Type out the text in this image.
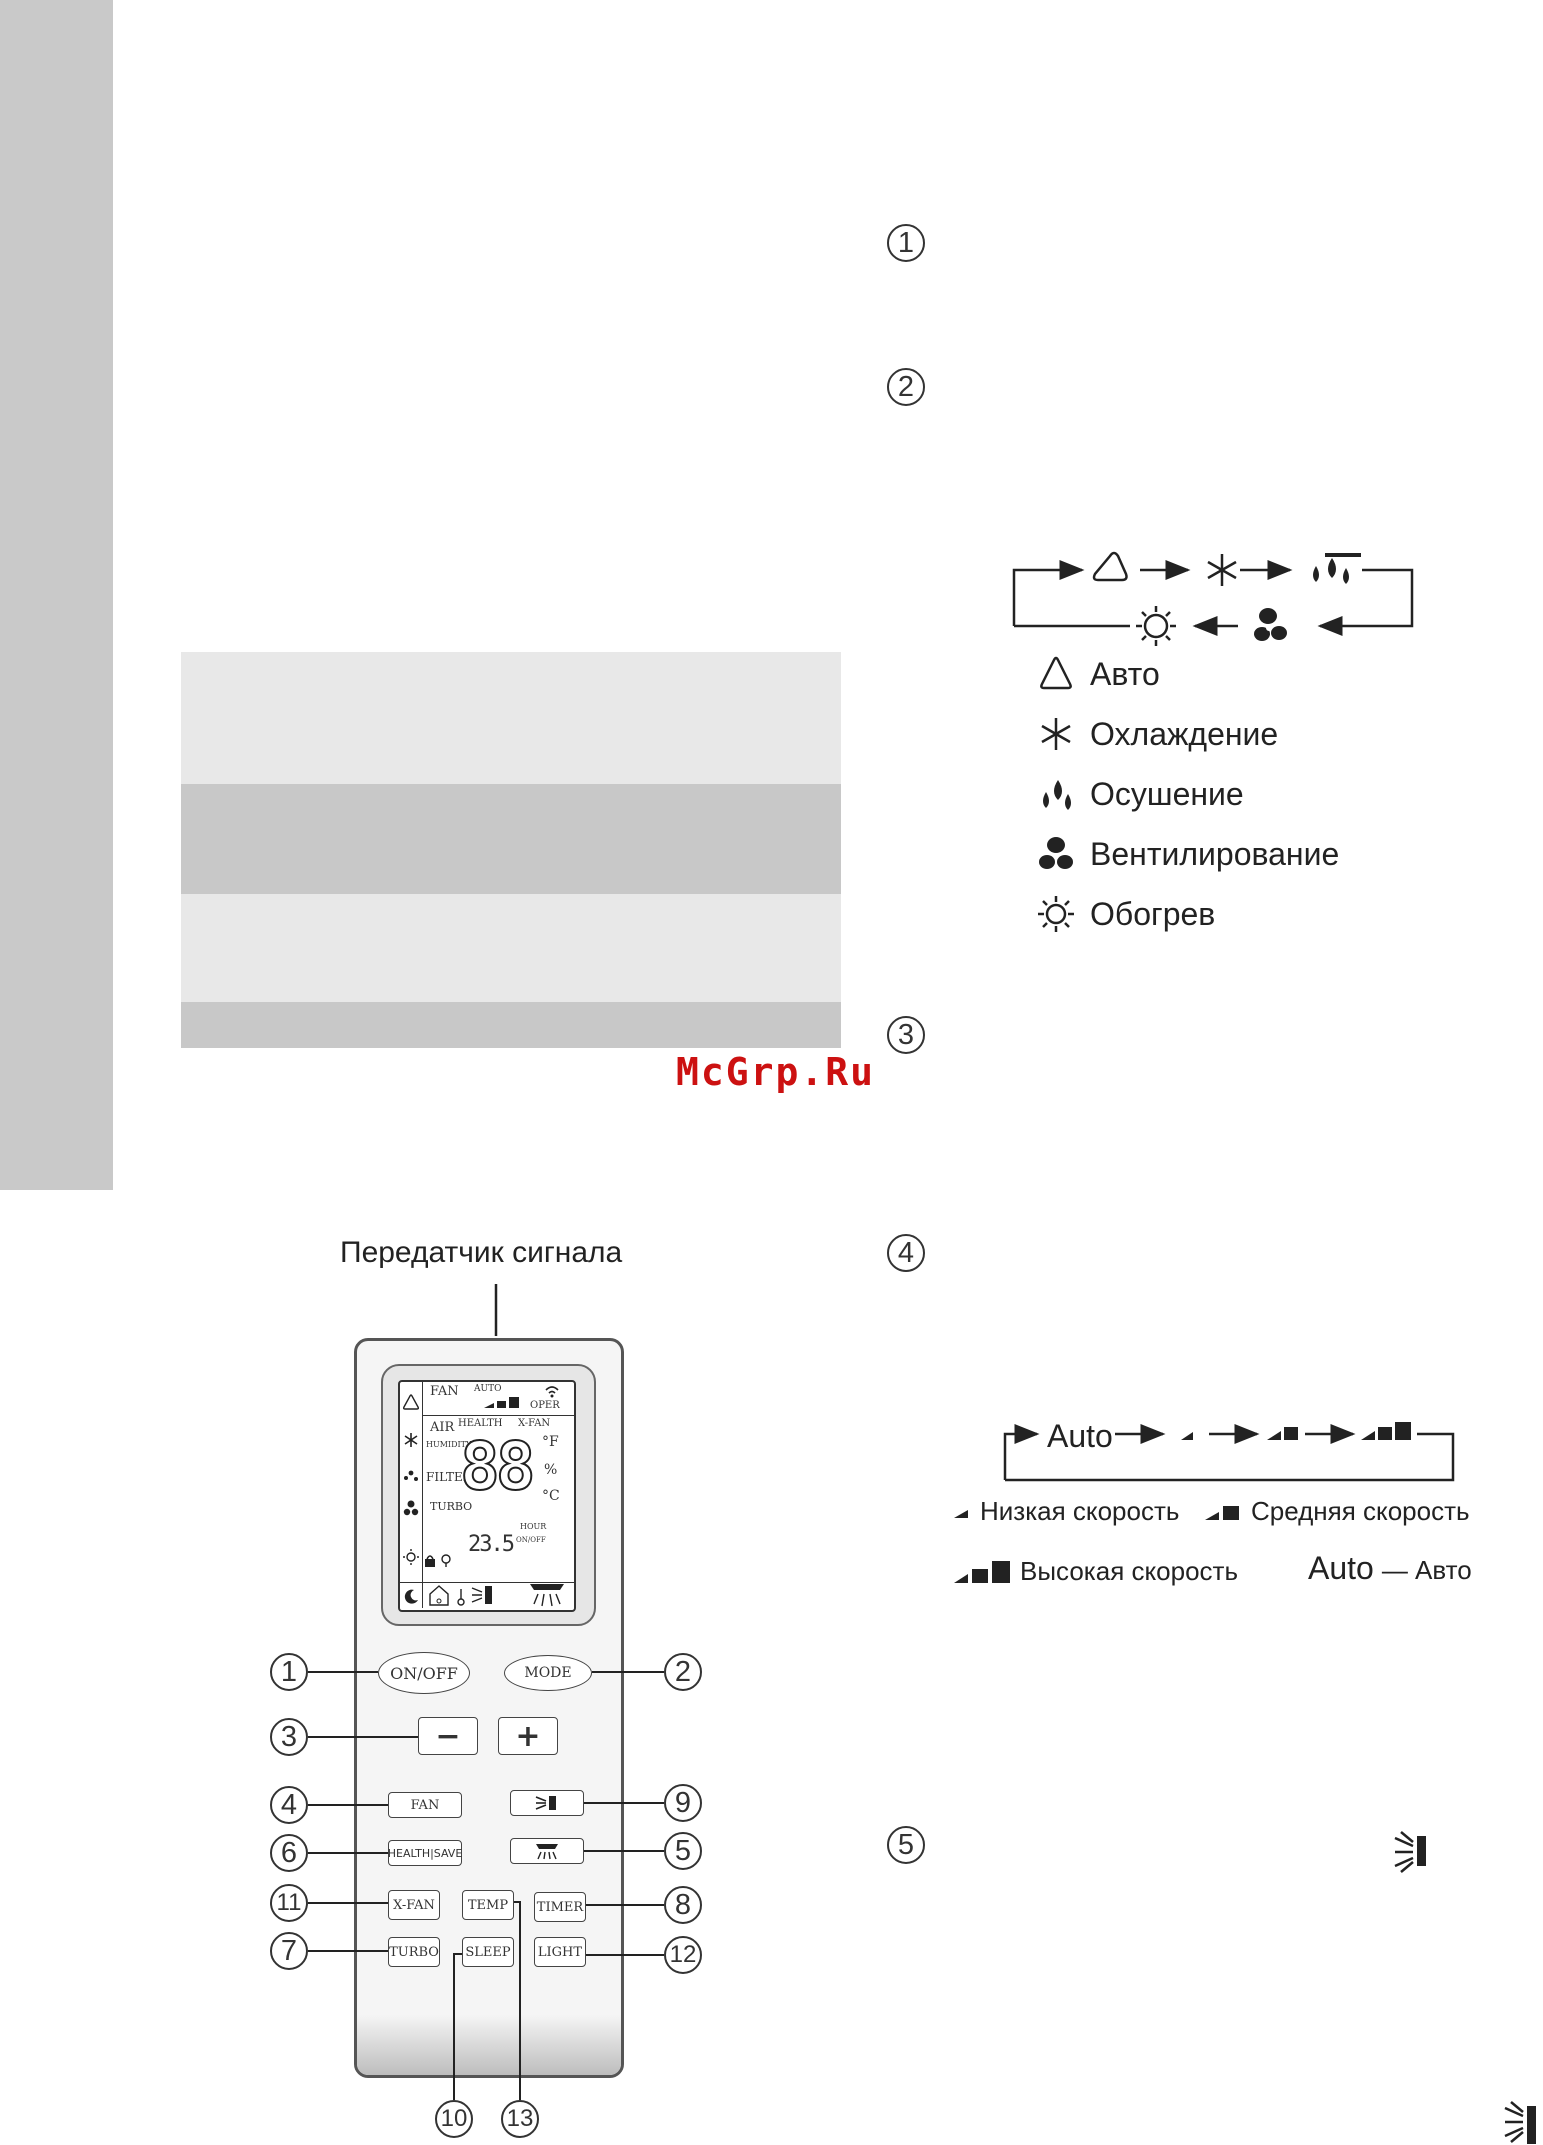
McGrp.Ru
1
2
3
4
5
Авто
Охлаждение
Осушение
Вентилирование
Обогрев
Auto
Низкая скорость	Средняя скорость
Высокая скорость Auto — Авто
Передатчик сигнала
FAN AUTO
OPER
AIR HEALTH X-FAN
HUMIDITY
FILTER
TURBO
88 °F
%
°C
HOUR
ON/OFF
23.5
ON/OFF	MODE
−	+
FAN
HEALTH|SAVE
X-FAN	TEMP	TIMER
TURBO SLEEP	LIGHT
1	2
3
4	9
6	5
11	8
7	12
10 13
